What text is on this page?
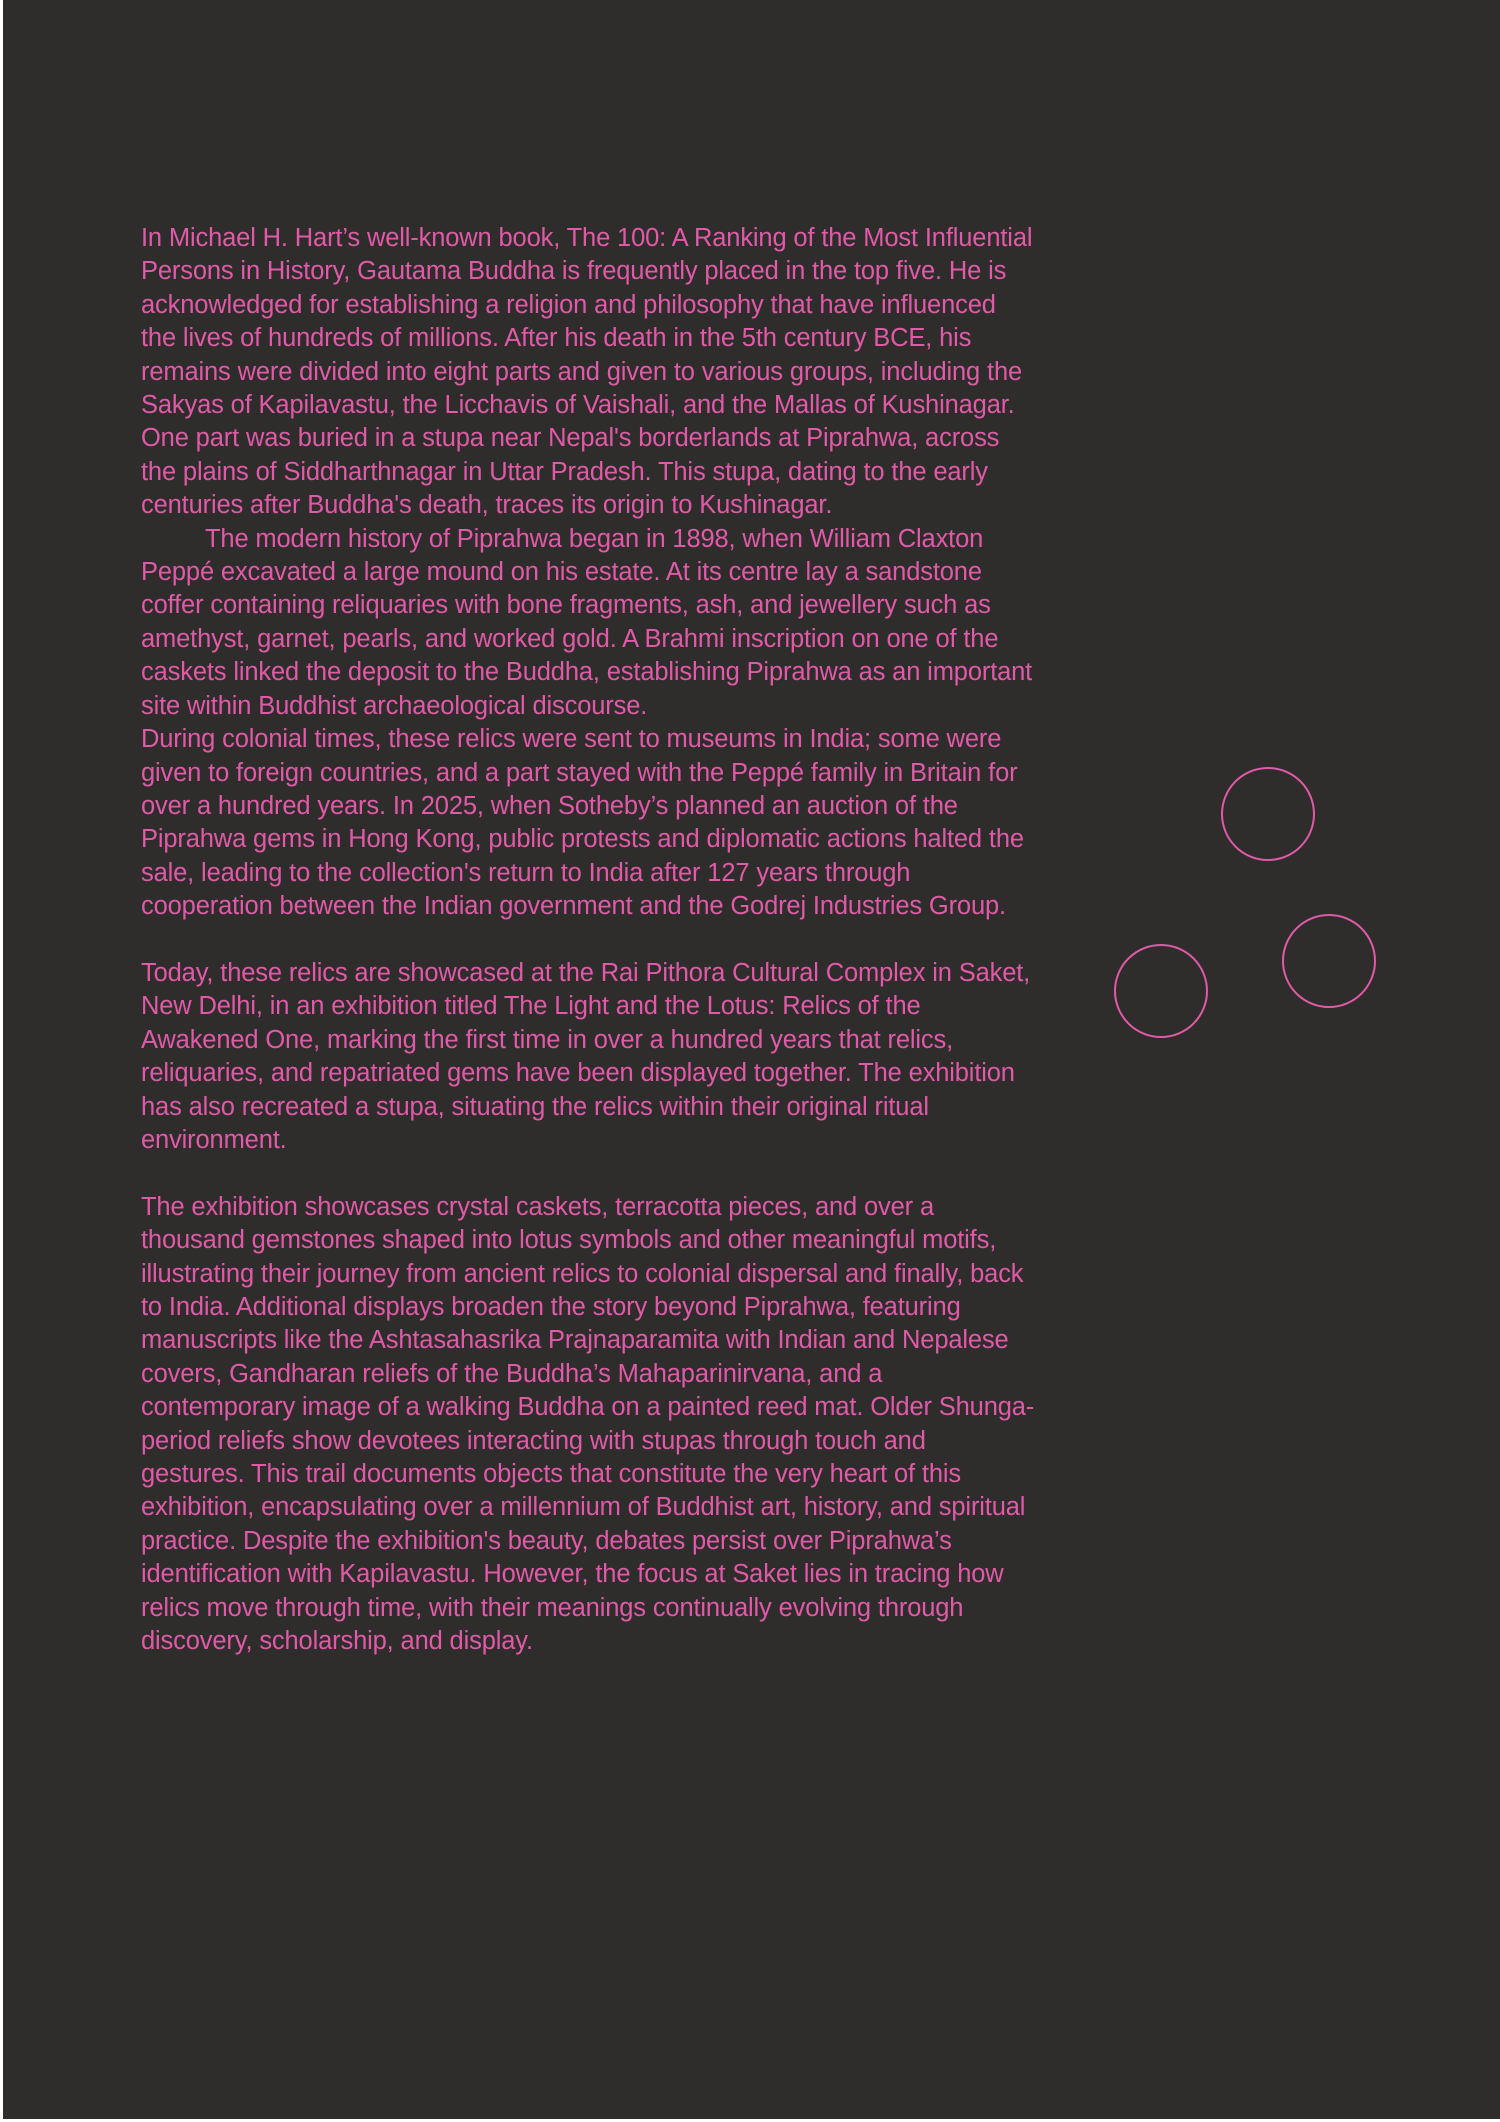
In Michael H. Hart’s well-known book, The 100: A Ranking of the Most Influential Persons in History, Gautama Buddha is frequently placed in the top five. He is acknowledged for establishing a religion and philosophy that have influenced the lives of hundreds of millions. After his death in the 5th century BCE, his remains were divided into eight parts and given to various groups, including the Sakyas of Kapilavastu, the Licchavis of Vaishali, and the Mallas of Kushinagar. One part was buried in a stupa near Nepal's borderlands at Piprahwa, across the plains of Siddharthnagar in Uttar Pradesh. This stupa, dating to the early centuries after Buddha's death, traces its origin to Kushinagar.

The modern history of Piprahwa began in 1898, when William Claxton Peppé excavated a large mound on his estate. At its centre lay a sandstone coffer containing reliquaries with bone fragments, ash, and jewellery such as amethyst, garnet, pearls, and worked gold. A Brahmi inscription on one of the caskets linked the deposit to the Buddha, establishing Piprahwa as an important site within Buddhist archaeological discourse.

During colonial times, these relics were sent to museums in India; some were given to foreign countries, and a part stayed with the Peppé family in Britain for over a hundred years. In 2025, when Sotheby’s planned an auction of the Piprahwa gems in Hong Kong, public protests and diplomatic actions halted the sale, leading to the collection's return to India after 127 years through cooperation between the Indian government and the Godrej Industries Group.

Today, these relics are showcased at the Rai Pithora Cultural Complex in Saket, New Delhi, in an exhibition titled The Light and the Lotus: Relics of the Awakened One, marking the first time in over a hundred years that relics, reliquaries, and repatriated gems have been displayed together. The exhibition has also recreated a stupa, situating the relics within their original ritual environment.

The exhibition showcases crystal caskets, terracotta pieces, and over a thousand gemstones shaped into lotus symbols and other meaningful motifs, illustrating their journey from ancient relics to colonial dispersal and finally, back to India. Additional displays broaden the story beyond Piprahwa, featuring manuscripts like the Ashtasahasrika Prajnaparamita with Indian and Nepalese covers, Gandharan reliefs of the Buddha’s Mahaparinirvana, and a contemporary image of a walking Buddha on a painted reed mat. Older Shunga-period reliefs show devotees interacting with stupas through touch and gestures. This trail documents objects that constitute the very heart of this exhibition, encapsulating over a millennium of Buddhist art, history, and spiritual practice. Despite the exhibition's beauty, debates persist over Piprahwa’s identification with Kapilavastu. However, the focus at Saket lies in tracing how relics move through time, with their meanings continually evolving through discovery, scholarship, and display.
